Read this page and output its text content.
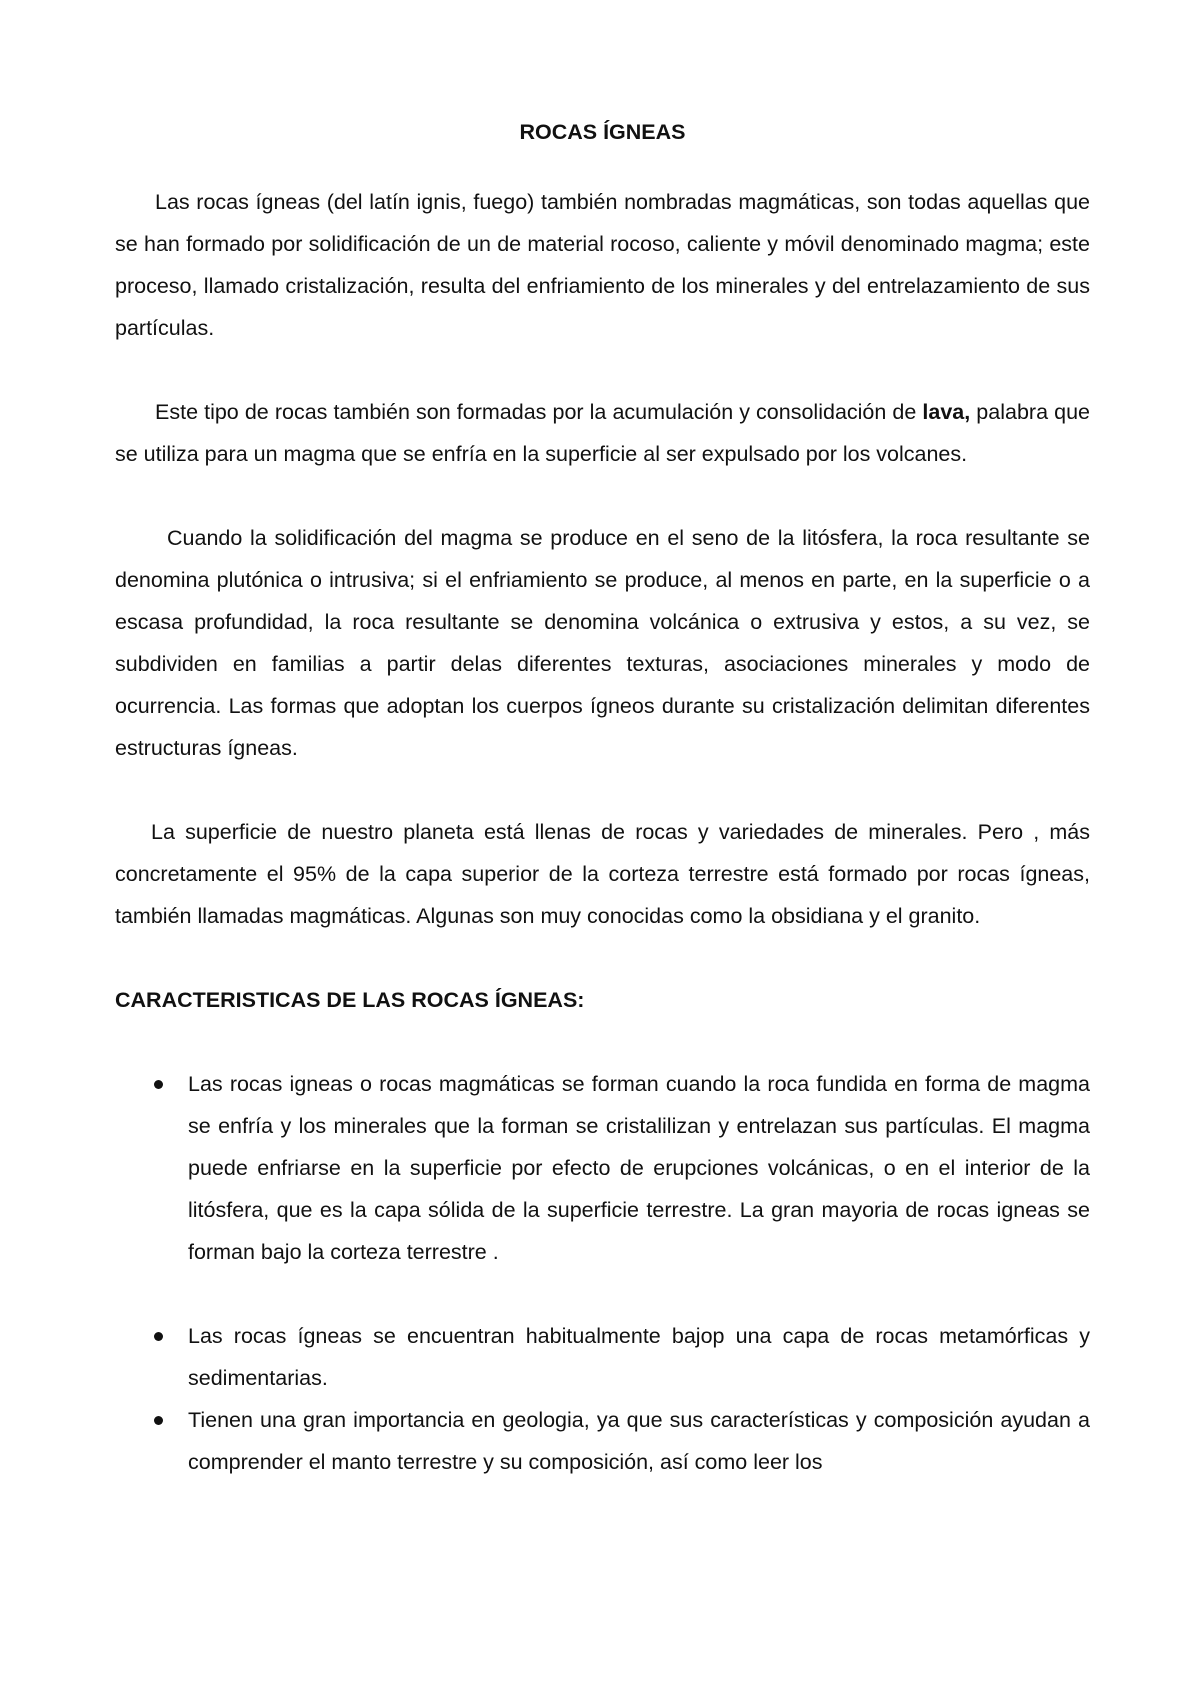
ROCAS ÍGNEAS

Las rocas ígneas (del latín ignis, fuego) también nombradas magmáticas, son todas aquellas que se han formado por solidificación de un de material rocoso, caliente y móvil denominado magma; este proceso, llamado cristalización, resulta del enfriamiento de los minerales y del entrelazamiento de sus partículas.

Este tipo de rocas también son formadas por la acumulación y consolidación de lava, palabra que se utiliza para un magma que se enfría en la superficie al ser expulsado por los volcanes.

Cuando la solidificación del magma se produce en el seno de la litósfera, la roca resultante se denomina plutónica o intrusiva; si el enfriamiento se produce, al menos en parte, en la superficie o a escasa profundidad, la roca resultante se denomina volcánica o extrusiva y estos, a su vez, se subdividen en familias a partir delas diferentes texturas, asociaciones minerales y modo de ocurrencia. Las formas que adoptan los cuerpos ígneos durante su cristalización delimitan diferentes estructuras ígneas.

La superficie de nuestro planeta está llenas de rocas y variedades de minerales. Pero , más concretamente el 95% de la capa superior de la corteza terrestre está formado por rocas ígneas, también llamadas magmáticas. Algunas son muy conocidas como la obsidiana y el granito.

CARACTERISTICAS DE LAS ROCAS ÍGNEAS:

Las rocas igneas o rocas magmáticas se forman cuando la roca fundida en forma de magma se enfría y los minerales que la forman se cristalilizan y entrelazan sus partículas. El magma puede enfriarse en la superficie por efecto de erupciones volcánicas, o en el interior de la litósfera, que es la capa sólida de la superficie terrestre. La gran mayoria de rocas igneas se forman bajo la corteza terrestre .
Las rocas ígneas se encuentran habitualmente bajop una capa de rocas metamórficas y sedimentarias.
Tienen una gran importancia en geologia, ya que sus características y composición ayudan a comprender el manto terrestre y su composición, así como leer los
